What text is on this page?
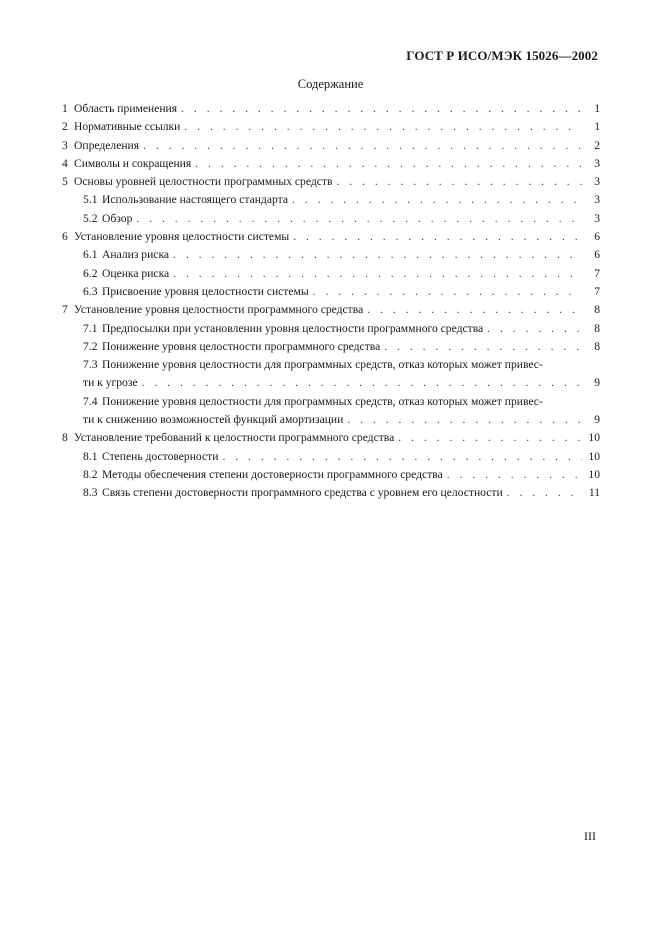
ГОСТ Р ИСО/МЭК 15026—2002
Содержание
1 Область применения . . .	1
2 Нормативные ссылки . . .	1
3 Определения . . .	2
4 Символы и сокращения . . .	3
5 Основы уровней целостности программных средств . . .	3
5.1 Использование настоящего стандарта . . .	3
5.2 Обзор . . .	3
6 Установление уровня целостности системы . . .	6
6.1 Анализ риска . . .	6
6.2 Оценка риска . . .	7
6.3 Присвоение уровня целостности системы . . .	7
7 Установление уровня целостности программного средства . . .	8
7.1 Предпосылки при установлении уровня целостности программного средства . . .	8
7.2 Понижение уровня целостности программного средства . . .	8
7.3 Понижение уровня целостности для программных средств, отказ которых может привес-
ти к угрозе . . .	9
7.4 Понижение уровня целостности для программных средств, отказ которых может привес-
ти к снижению возможностей функций амортизации . . .	9
8 Установление требований к целостности программного средства . . .	10
8.1 Степень достоверности . . .	10
8.2 Методы обеспечения степени достоверности программного средства . . .	10
8.3 Связь степени достоверности программного средства с уровнем его целостности . . .	11
III
